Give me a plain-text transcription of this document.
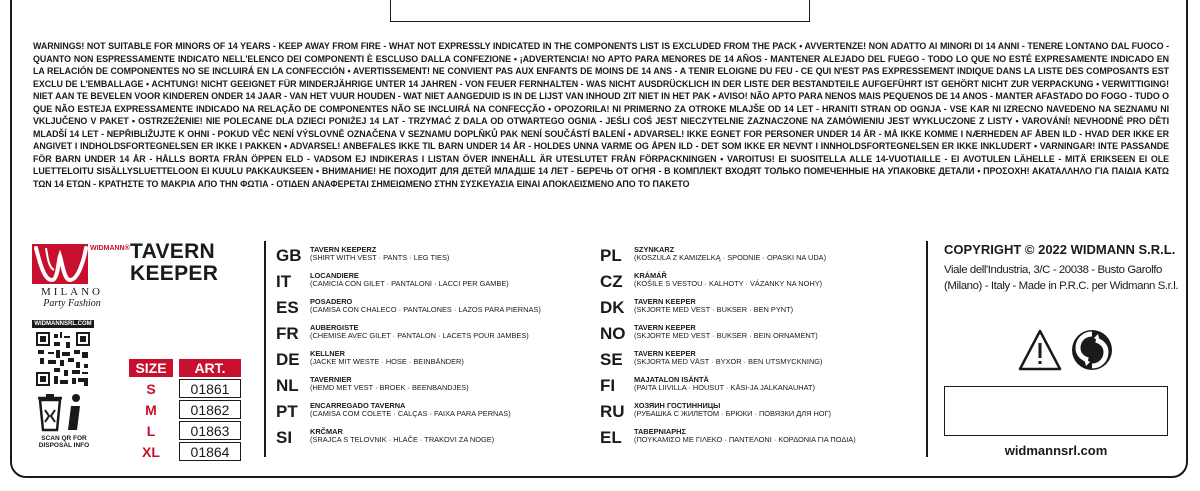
WARNINGS! NOT SUITABLE FOR MINORS OF 14 YEARS - KEEP AWAY FROM FIRE - WHAT NOT EXPRESSLY INDICATED IN THE COMPONENTS LIST IS EXCLUDED FROM THE PACK • AVVERTENZE! NON ADATTO AI MINORI DI 14 ANNI - TENERE LONTANO DAL FUOCO - QUANTO NON ESPRESSAMENTE INDICATO NELL'ELENCO DEI COMPONENTI È ESCLUSO DALLA CONFEZIONE • ¡ADVERTENCIA! NO APTO PARA MENORES DE 14 AÑOS - MANTENER ALEJADO DEL FUEGO - TODO LO QUE NO ESTÉ EXPRESAMENTE INDICADO EN LA RELACIÓN DE COMPONENTES NO SE INCLUIRÁ EN LA CONFECCIÓN • AVERTISSEMENT! NE CONVIENT PAS AUX ENFANTS DE MOINS DE 14 ANS - A TENIR ELOIGNE DU FEU - CE QUI N'EST PAS EXPRESSEMENT INDIQUE DANS LA LISTE DES COMPOSANTS EST EXCLU DE L'EMBALLAGE • ACHTUNG! NICHT GEEIGNET FÜR MINDERJÄHRIGE UNTER 14 JAHREN - VON FEUER FERNHALTEN - WAS NICHT AUSDRÜCKLICH IN DER LISTE DER BESTANDTEILE AUFGEFÜHRT IST GEHÖRT NICHT ZUR VERPACKUNG • VERWITTIGING! NIET AAN TE BEVELEN VOOR KINDEREN ONDER 14 JAAR - VAN HET VUUR HOUDEN - WAT NIET AANGEDUID IS IN DE LIJST VAN INHOUD ZIT NIET IN HET PAK • AVISO! NÃO APTO PARA NENOS MAIS PEQUENOS DE 14 ANOS - MANTER AFASTADO DO FOGO - TUDO O QUE NÃO ESTEJA EXPRESSAMENTE INDICADO NA RELAÇÃO DE COMPONENTES NÃO SE INCLUIRÁ NA CONFECÇÃO • OPOZORILA! NI PRIMERNO ZA OTROKE MLAJŠE OD 14 LET - HRANITI STRAN OD OGNJA - VSE KAR NI IZRECNO NAVEDENO NA SEZNAMU NI VKLJUČENO V PAKET • OSTRZEŻENIE! NIE POLECANE DLA DZIECI PONIŻEJ 14 LAT - TRZYMAĆ Z DALA OD OTWARTEGO OGNIA - JEŚLI COŚ JEST NIECZYTELNIE ZAZNACZONE NA ZAMÓWIENIU JEST WYKLUCZONE Z LISTY • VAROVÁNÍ! NEVHODNÉ PRO DĚTI MLADŠÍ 14 LET - NEPŘIBLIŽUJTE K OHNI - POKUD VĚC NENÍ VÝSLOVNĚ OZNAČENA V SEZNAMU DOPLŇKŮ PAK NENÍ SOUČÁSTÍ BALENÍ • ADVARSEL! IKKE EGNET FOR PERSONER UNDER 14 ÅR - MÅ IKKE KOMME I NÆRHEDEN AF ÅBEN ILD - HVAD DER IKKE ER ANGIVET I INDHOLDSFORTEGNELSEN ER IKKE I PAKKEN • ADVARSEL! ANBEFALES IKKE TIL BARN UNDER 14 ÅR - HOLDES UNNA VARME OG ÅPEN ILD - DET SOM IKKE ER NEVNT I INNHOLDSFORTEGNELSEN ER IKKE INKLUDERT • VARNINGAR! INTE PASSANDE FÖR BARN UNDER 14 ÅR - HÅLLS BORTA FRÅN ÖPPEN ELD - VADSOM EJ INDIKERAS I LISTAN ÖVER INNEHÅLL ÄR UTESLUTET FRÅN FÖRPACKNINGEN • VAROITUS! EI SUOSITELLA ALLE 14-VUOTIAILLE - EI AVOTULEN LÄHELLE - MITÄ ERIKSEEN EI OLE LUETTELOITU SISÄLLYSLUETTELOON EI KUULU PAKKAUKSEEN • ВНИМАНИЕ! НЕ ПОХОДИТ ДЛЯ ДЕТЕЙ МЛАДШЕ 14 ЛЕТ - БЕРЕЧЬ ОТ ОГНЯ - В КОМПЛЕКТ ВХОДЯТ ТОЛЬКО ПОМЕЧЕННЫЕ НА УПАКОВКЕ ДЕТАЛИ • ΠΡΟΣΟΧΗ! ΑΚΑΤΑΛΛΗΛΟ ΓΙΑ ΠΑΙΔΙΑ ΚΑΤΩ ΤΩΝ 14 ΕΤΩΝ - ΚΡΑΤΗΣΤΕ ΤΟ ΜΑΚΡΙΑ ΑΠΟ ΤΗΝ ΦΩΤΙΑ - ΟΤΙΔΕΝ ΑΝΑΦΕΡΕΤΑΙ ΣΗΜΕΙΩΜΕΝΟ ΣΤΗΝ ΣΥΣΚΕΥΑΣΙΑ ΕΙΝΑΙ ΑΠΟΚΛΕΙΣΜΕΝΟ ΑΠΟ ΤΟ ΠΑΚΕΤΟ

WIDMANN®
MILANO
Party Fashion
WIDMANNSRL.COM
SCAN QR FOR
DISPOSAL INFO
TAVERN
KEEPER
SIZE	ART.
S	01861
M	01862
L	01863
XL	01864
GB	TAVERN KEEPERZ
(SHIRT WITH VEST · PANTS · LEG TIES)
IT	LOCANDIERE
(CAMICIA CON GILET · PANTALONI · LACCI PER GAMBE)
ES	POSADERO
(CAMISA CON CHALECO · PANTALONES · LAZOS PARA PIERNAS)
FR	AUBERGISTE
(CHEMISE AVEC GILET · PANTALON · LACETS POUR JAMBES)
DE	KELLNER
(JACKE MIT WESTE · HOSE · BEINBÄNDER)
NL	TAVERNIER
(HEMD MET VEST · BROEK · BEENBANDJES)
PT	ENCARREGADO TAVERNA
(CAMISA COM COLETE · CALÇAS · FAIXA PARA PERNAS)
SI	KRČMAR
(SRAJCA S TELOVNIK · HLAČE · TRAKOVI ZA NOGE)
PL	SZYNKARZ
(KOSZULA Z KAMIZELKĄ · SPODNIE · OPASKI NA UDA)
CZ	KRÁMÁŘ
(KOŠILE S VESTOU · KALHOTY · VÁZANKY NA NOHY)
DK	TAVERN KEEPER
(SKJORTE MED VEST · BUKSER · BEN PYNT)
NO	TAVERN KEEPER
(SKJORTE MED VEST · BUKSER · BEIN ORNAMENT)
SE	TAVERN KEEPER
(SKJORTA MED VÄST · BYXOR · BEN UTSMYCKNING)
FI	MAJATALON ISÄNTÄ
(PAITA LIIVILLA · HOUSUT · KÄSI-JA JALKANAUHAT)
RU	ХОЗЯИН ГОСТИННИЦЫ
(РУБАШКА С ЖИЛЕТОМ · БРЮКИ · ПОВЯЗКИ ДЛЯ НОГ)
EL	ΤΑΒΕΡΝΙΑΡΗΣ
(ΠΟΥΚΑΜΙΣΟ ΜΕ ΓΙΛΕΚΟ · ΠΑΝΤΕΛΟΝΙ · ΚΟΡΔΟΝΙΑ ΓΙΑ ΠΟΔΙΑ)
COPYRIGHT © 2022 WIDMANN S.R.L.
Viale dell'Industria, 3/C - 20038 - Busto Garolfo (Milano) - Italy - Made in P.R.C. per Widmann S.r.l.
widmannsrl.com
